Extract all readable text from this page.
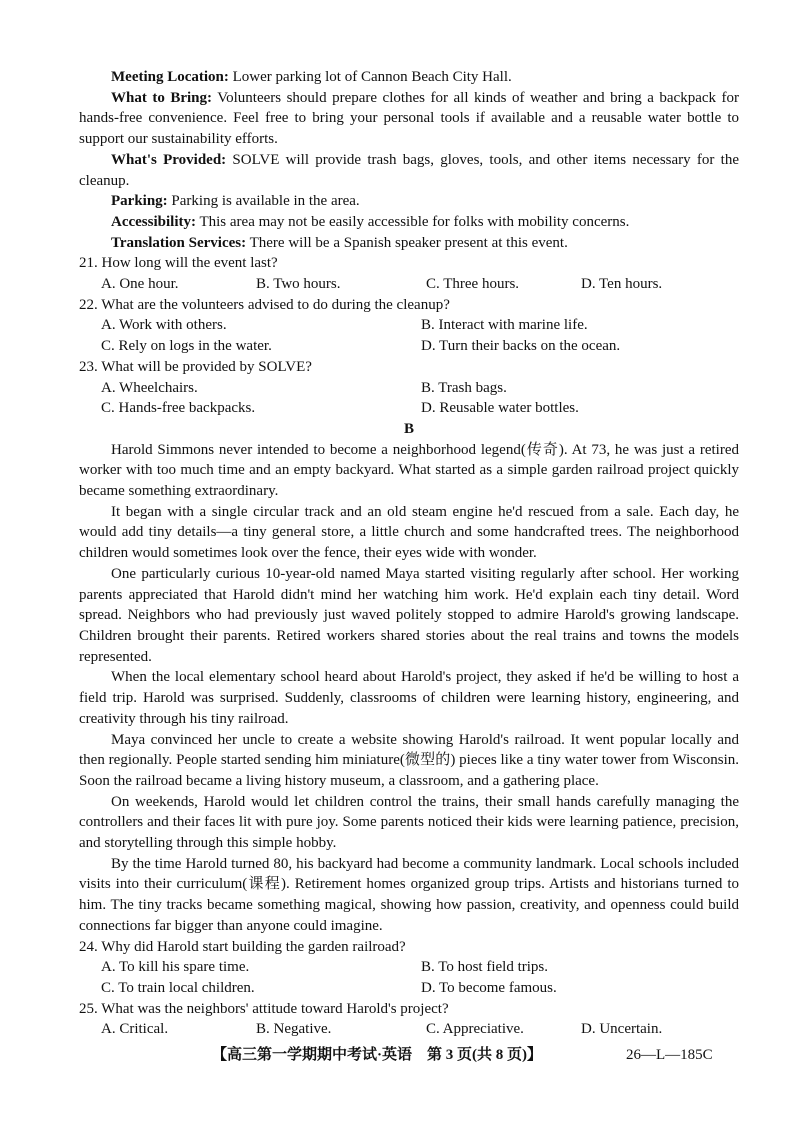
Meeting Location: Lower parking lot of Cannon Beach City Hall.

What to Bring: Volunteers should prepare clothes for all kinds of weather and bring a backpack for hands-free convenience. Feel free to bring your personal tools if available and a reusable water bottle to support our sustainability efforts.

What's Provided: SOLVE will provide trash bags, gloves, tools, and other items necessary for the cleanup.

Parking: Parking is available in the area.

Accessibility: This area may not be easily accessible for folks with mobility concerns.

Translation Services: There will be a Spanish speaker present at this event.

21. How long will the event last?

A. One hour.	B. Two hours.	C. Three hours.	D. Ten hours.

22. What are the volunteers advised to do during the cleanup?

A. Work with others.	B. Interact with marine life.
C. Rely on logs in the water.	D. Turn their backs on the ocean.

23. What will be provided by SOLVE?

A. Wheelchairs.	B. Trash bags.
C. Hands-free backpacks.	D. Reusable water bottles.

B

Harold Simmons never intended to become a neighborhood legend(传奇). At 73, he was just a retired worker with too much time and an empty backyard. What started as a simple garden railroad project quickly became something extraordinary.

It began with a single circular track and an old steam engine he'd rescued from a sale. Each day, he would add tiny details—a tiny general store, a little church and some handcrafted trees. The neighborhood children would sometimes look over the fence, their eyes wide with wonder.

One particularly curious 10-year-old named Maya started visiting regularly after school. Her working parents appreciated that Harold didn't mind her watching him work. He'd explain each tiny detail. Word spread. Neighbors who had previously just waved politely stopped to admire Harold's growing landscape. Children brought their parents. Retired workers shared stories about the real trains and towns the models represented.

When the local elementary school heard about Harold's project, they asked if he'd be willing to host a field trip. Harold was surprised. Suddenly, classrooms of children were learning history, engineering, and creativity through his tiny railroad.

Maya convinced her uncle to create a website showing Harold's railroad. It went popular locally and then regionally. People started sending him miniature(微型的) pieces like a tiny water tower from Wisconsin. Soon the railroad became a living history museum, a classroom, and a gathering place.

On weekends, Harold would let children control the trains, their small hands carefully managing the controllers and their faces lit with pure joy. Some parents noticed their kids were learning patience, precision, and storytelling through this simple hobby.

By the time Harold turned 80, his backyard had become a community landmark. Local schools included visits into their curriculum(课程). Retirement homes organized group trips. Artists and historians turned to him. The tiny tracks became something magical, showing how passion, creativity, and openness could build connections far bigger than anyone could imagine.

24. Why did Harold start building the garden railroad?

A. To kill his spare time.	B. To host field trips.
C. To train local children.	D. To become famous.

25. What was the neighbors' attitude toward Harold's project?

A. Critical.	B. Negative.	C. Appreciative.	D. Uncertain.
【高三第一学期期中考试·英语　第 3 页(共 8 页)】	26—L—185C
